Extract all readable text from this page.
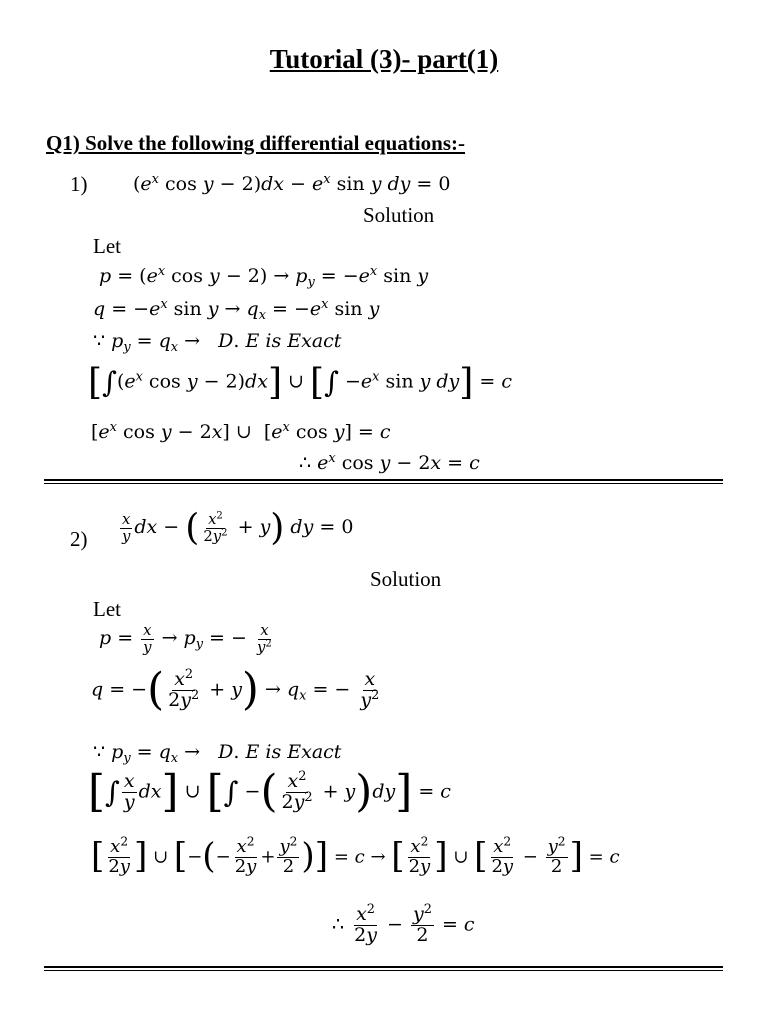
Tutorial (3)- part(1)
Q1) Solve the following differential equations:-
1) ($e^x$ $\cos y - 2)dx - e^x$ sin y dy = 0
Solution
Let
$p = (e^x$ $\cos y - 2) \to p_y = -e^x$ sin y
$q = -e^x$ $\sin y \to q_x = -e^x$ sin y
∵ $p_y = q_x \to D$. E is Exact
[$\int(e^x$ cos y − 2)dx] ∪ [∫ $-e^x$ sin y dy] = c
[$e^x$ cos y − 2x] ∪  [$e^x$ cos y] = c
∴ $e^x$ cos y − 2x = c
$2) \frac{x}{y}$ dx − ( $\frac{x^2}{2y^2} + y$) dy = 0
Solution
Let
$p = \frac{x}{y} \to p_y$ = − $\frac{x}{y^2}$
q = −( $\frac{x^2}{2y^2} + y) \to q_x$ = − $\frac{x}{y^2}$
∵ $p_y = q_x \to D$. E is Exact
[∫ $\frac{x}{y} dx$] ∪ [∫ −( $\frac{x^2}{2y^2} + y)dy] = c$
[ $\frac{x^2}{2y}$ ] ∪ [−(− $\frac{x^2}{2y} + \frac{y^2}{2}$ )] = c → [ $\frac{x^2}{2y}$ ] ∪ [ $\frac{x^2}{2y} - \frac{y^2}{2}$ ] = c
∴ $\frac{x^2}{2y} - \frac{y^2}{2} = c$
